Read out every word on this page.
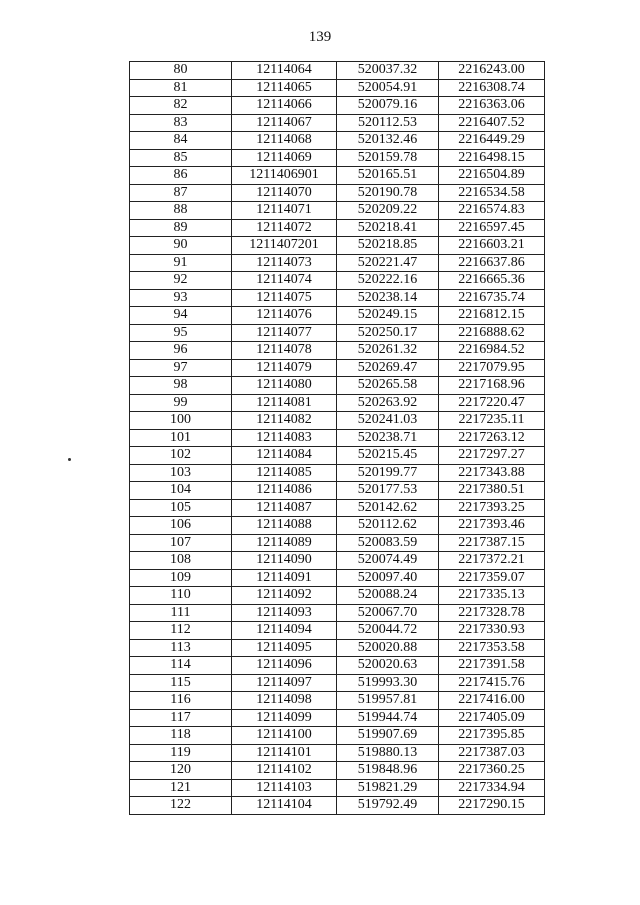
139
80	12114064	520037.32	2216243.00
81	12114065	520054.91	2216308.74
82	12114066	520079.16	2216363.06
83	12114067	520112.53	2216407.52
84	12114068	520132.46	2216449.29
85	12114069	520159.78	2216498.15
86	1211406901	520165.51	2216504.89
87	12114070	520190.78	2216534.58
88	12114071	520209.22	2216574.83
89	12114072	520218.41	2216597.45
90	1211407201	520218.85	2216603.21
91	12114073	520221.47	2216637.86
92	12114074	520222.16	2216665.36
93	12114075	520238.14	2216735.74
94	12114076	520249.15	2216812.15
95	12114077	520250.17	2216888.62
96	12114078	520261.32	2216984.52
97	12114079	520269.47	2217079.95
98	12114080	520265.58	2217168.96
99	12114081	520263.92	2217220.47
100	12114082	520241.03	2217235.11
101	12114083	520238.71	2217263.12
102	12114084	520215.45	2217297.27
103	12114085	520199.77	2217343.88
104	12114086	520177.53	2217380.51
105	12114087	520142.62	2217393.25
106	12114088	520112.62	2217393.46
107	12114089	520083.59	2217387.15
108	12114090	520074.49	2217372.21
109	12114091	520097.40	2217359.07
110	12114092	520088.24	2217335.13
111	12114093	520067.70	2217328.78
112	12114094	520044.72	2217330.93
113	12114095	520020.88	2217353.58
114	12114096	520020.63	2217391.58
115	12114097	519993.30	2217415.76
116	12114098	519957.81	2217416.00
117	12114099	519944.74	2217405.09
118	12114100	519907.69	2217395.85
119	12114101	519880.13	2217387.03
120	12114102	519848.96	2217360.25
121	12114103	519821.29	2217334.94
122	12114104	519792.49	2217290.15
